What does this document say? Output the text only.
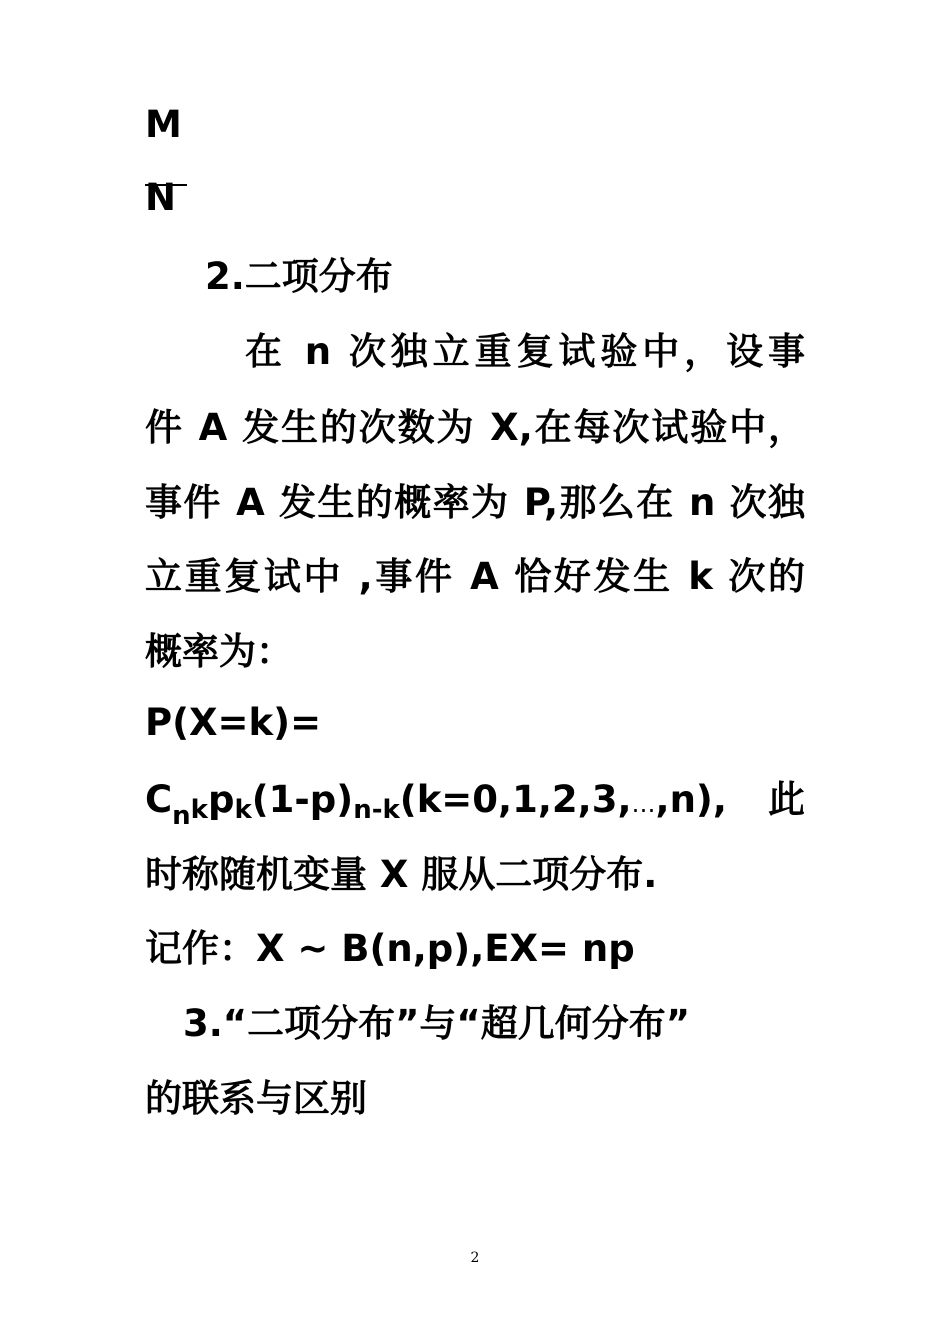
M
N
2.二项分布
在 n 次独立重复试验中，设事
件 A 发生的次数为 X,在每次试验中，
事件 A 发生的概率为 P,那么在 n 次独
立重复试中 ,事件 A 恰好发生 k 次的
概率为：
P(X=k)=
$C_nkpk(1-p)n-k(k=0,1,2,3,\dots,n)$, 此
时称随机变量 X 服从二项分布.
记作：X ~ B(n,p),EX= np
3.“二项分布”与“超几何分布”
的联系与区别
2
